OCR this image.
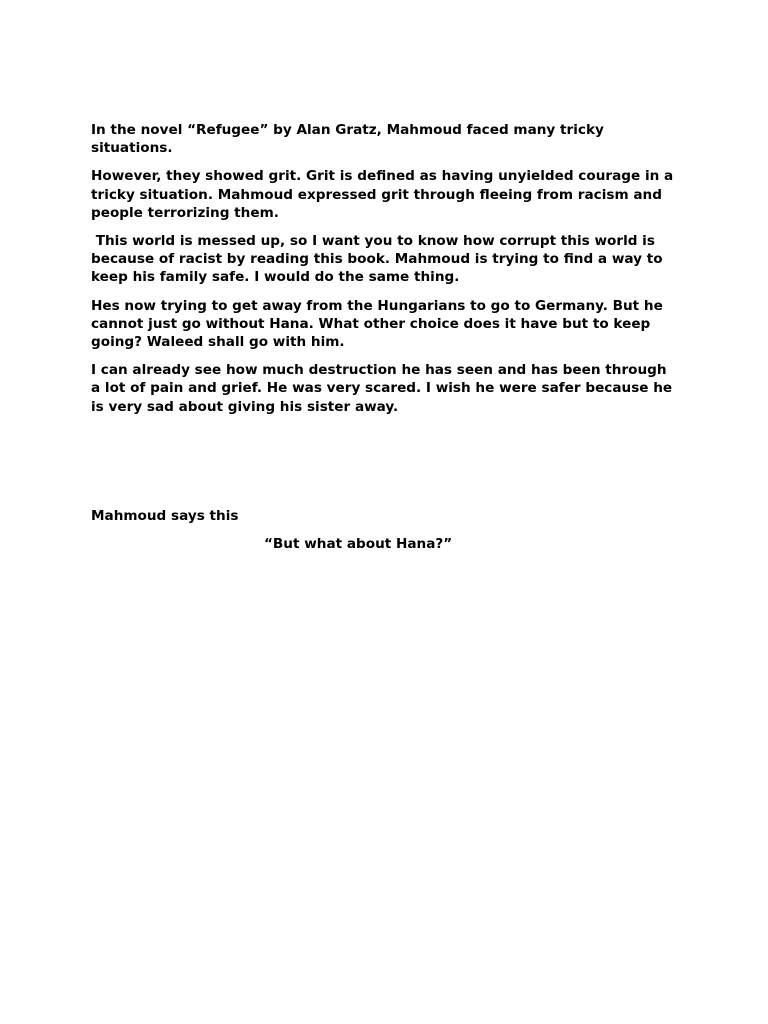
In the novel “Refugee” by Alan Gratz, Mahmoud faced many tricky situations.

However, they showed grit. Grit is defined as having unyielded courage in a tricky situation. Mahmoud expressed grit through fleeing from racism and people terrorizing them.

This world is messed up, so I want you to know how corrupt this world is because of racist by reading this book. Mahmoud is trying to find a way to keep his family safe. I would do the same thing.

Hes now trying to get away from the Hungarians to go to Germany. But he cannot just go without Hana. What other choice does it have but to keep going? Waleed shall go with him.

I can already see how much destruction he has seen and has been through a lot of pain and grief. He was very scared. I wish he were safer because he is very sad about giving his sister away.

Mahmoud says this

“But what about Hana?”
